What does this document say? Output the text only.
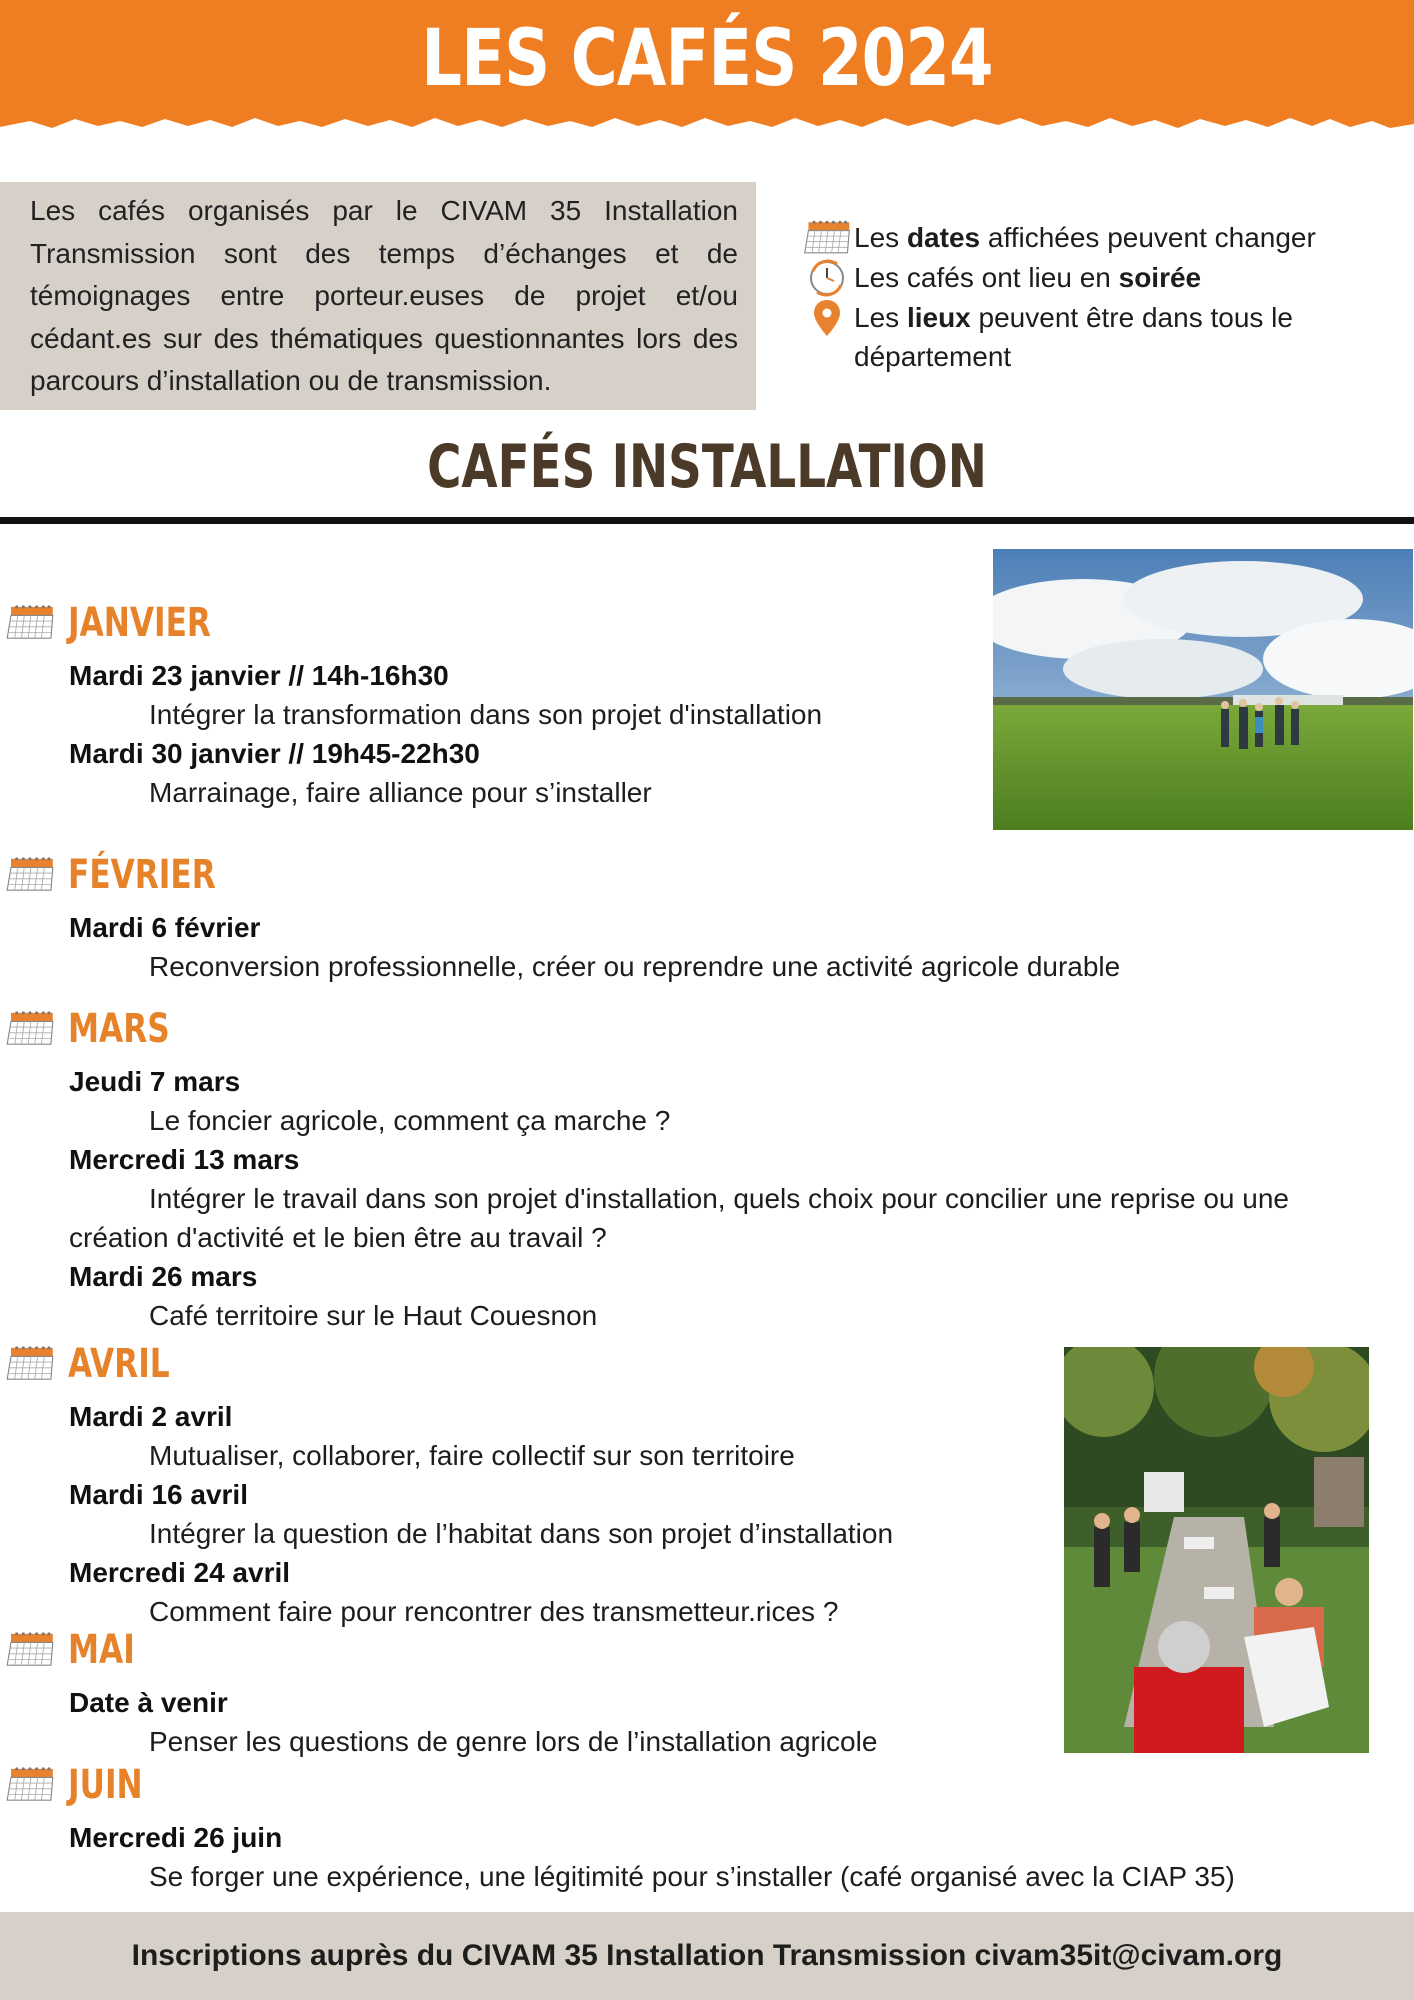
LES CAFÉS 2024

Les cafés organisés par le CIVAM 35 Installation Transmission sont des temps d’échanges et de témoignages entre porteur.euses de projet et/ou cédant.es sur des thématiques questionnantes lors des parcours d’installation ou de transmission.

Les dates affichées peuvent changer
Les cafés ont lieu en soirée
Les lieux peuvent être dans tous le département
CAFÉS INSTALLATION
JANVIER
Mardi 23 janvier // 14h-16h30
Intégrer la transformation dans son projet d'installation
Mardi 30 janvier // 19h45-22h30
Marrainage, faire alliance pour s’installer
FÉVRIER
Mardi 6 février
Reconversion professionnelle, créer ou reprendre une activité agricole durable
MARS
Jeudi 7 mars
Le foncier agricole, comment ça marche ?
Mercredi 13 mars
Intégrer le travail dans son projet d'installation, quels choix pour concilier une reprise ou une création d'activité et le bien être au travail ?
Mardi 26 mars
Café territoire sur le Haut Couesnon
AVRIL
Mardi 2 avril
Mutualiser, collaborer, faire collectif sur son territoire
Mardi 16 avril
Intégrer la question de l’habitat dans son projet d’installation
Mercredi 24 avril
Comment faire pour rencontrer des transmetteur.rices ?
MAI
Date à venir
Penser les questions de genre lors de l’installation agricole
JUIN
Mercredi 26 juin
Se forger une expérience, une légitimité pour s’installer (café organisé avec la CIAP 35)
Inscriptions auprès du CIVAM 35 Installation Transmission civam35it@civam.org
